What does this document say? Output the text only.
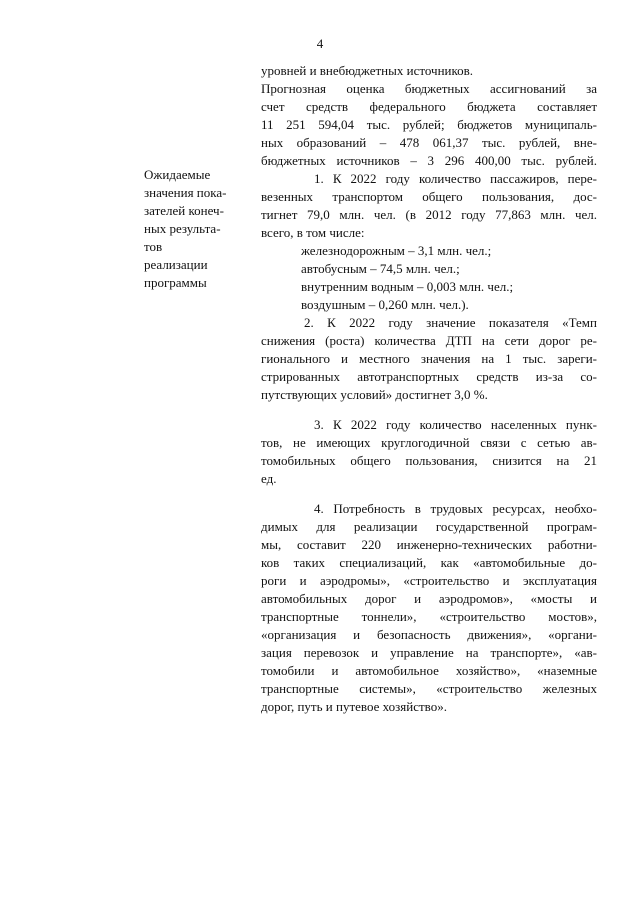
4
Ожидаемые
значения пока-
зателей конеч-
ных результа-
тов
реализации
программы
уровней и внебюджетных источников.
Прогнозная оценка бюджетных ассигнований за
счет средств федерального бюджета составляет
11 251 594,04 тыс. рублей; бюджетов муниципаль-
ных образований – 478 061,37 тыс. рублей, вне-
бюджетных источников – 3 296 400,00 тыс. рублей.
1. К 2022 году количество пассажиров, пере-
везенных транспортом общего пользования, дос-
тигнет 79,0 млн. чел. (в 2012 году 77,863 млн. чел.
всего, в том числе:
железнодорожным – 3,1 млн. чел.;
автобусным – 74,5 млн. чел.;
внутренним водным – 0,003 млн. чел.;
воздушным – 0,260 млн. чел.).
2. К 2022 году значение показателя «Темп
снижения (роста) количества ДТП на сети дорог ре-
гионального и местного значения на 1 тыс. зареги-
стрированных автотранспортных средств из-за со-
путствующих условий» достигнет 3,0 %.
3. К 2022 году количество населенных пунк-
тов, не имеющих круглогодичной связи с сетью ав-
томобильных общего пользования, снизится на 21
ед.
4. Потребность в трудовых ресурсах, необхо-
димых для реализации государственной програм-
мы, составит 220 инженерно-технических работни-
ков таких специализаций, как «автомобильные до-
роги и аэродромы», «строительство и эксплуатация
автомобильных дорог и аэродромов», «мосты и
транспортные тоннели», «строительство мостов»,
«организация и безопасность движения», «органи-
зация перевозок и управление на транспорте», «ав-
томобили и автомобильное хозяйство», «наземные
транспортные системы», «строительство железных
дорог, путь и путевое хозяйство».
